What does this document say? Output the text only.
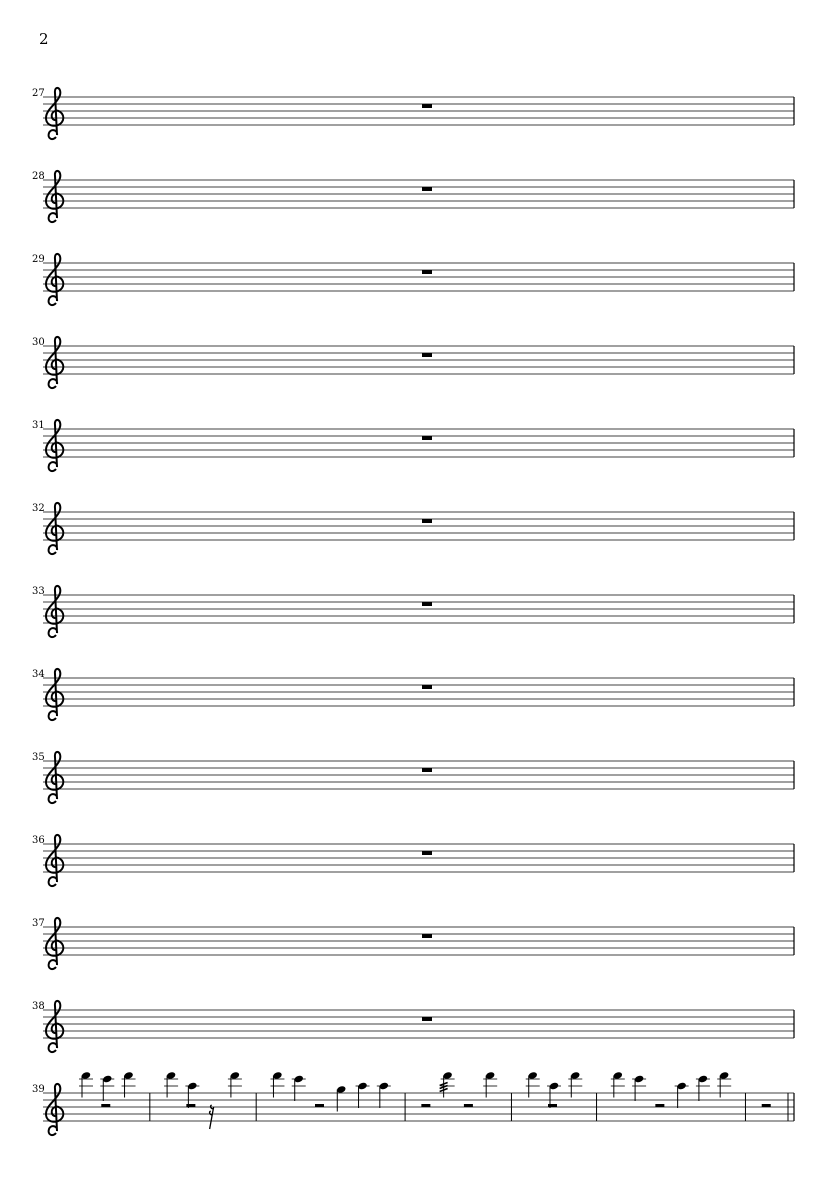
2
27
28
29
30
31
32
33
34
35
36
37
38
39
